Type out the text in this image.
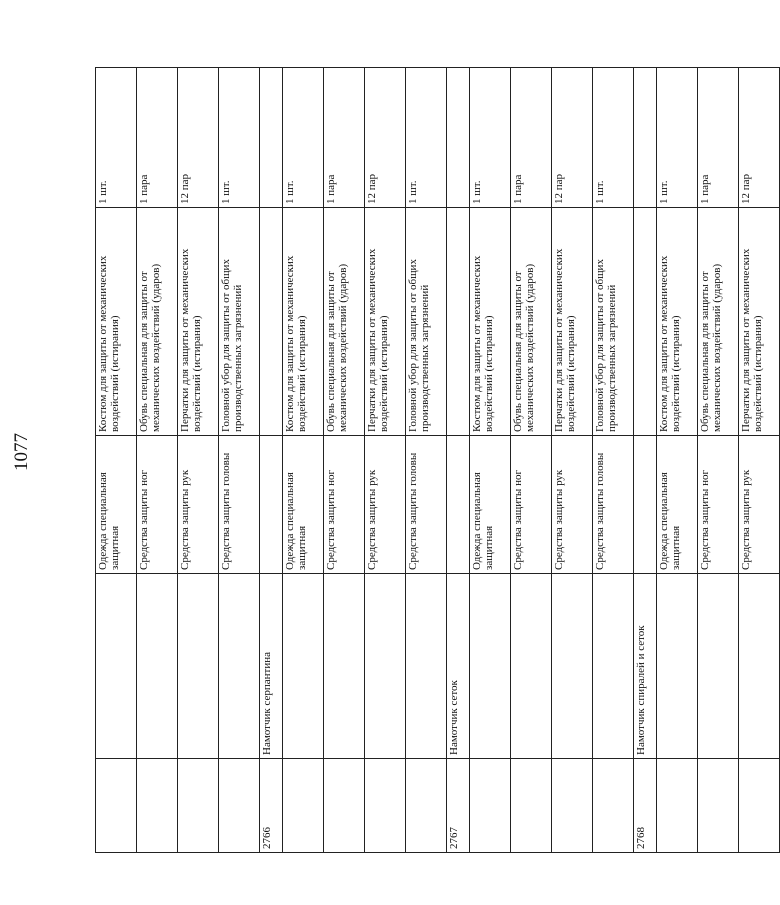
1077
		Одежда специальная защитная	Костюм для защиты от механических воздействий (истирания)	1 шт.
		Средства защиты ног	Обувь специальная для защиты от механических воздействий (ударов)	1 пара
		Средства защиты рук	Перчатки для защиты от механических воздействий (истирания)	12 пар
		Средства защиты головы	Головной убор для защиты от общих производственных загрязнений	1 шт.
2766	Намотчик серпантина			
		Одежда специальная защитная	Костюм для защиты от механических воздействий (истирания)	1 шт.
		Средства защиты ног	Обувь специальная для защиты от механических воздействий (ударов)	1 пара
		Средства защиты рук	Перчатки для защиты от механических воздействий (истирания)	12 пар
		Средства защиты головы	Головной убор для защиты от общих производственных загрязнений	1 шт.
2767	Намотчик сеток			
		Одежда специальная защитная	Костюм для защиты от механических воздействий (истирания)	1 шт.
		Средства защиты ног	Обувь специальная для защиты от механических воздействий (ударов)	1 пара
		Средства защиты рук	Перчатки для защиты от механических воздействий (истирания)	12 пар
		Средства защиты головы	Головной убор для защиты от общих производственных загрязнений	1 шт.
2768	Намотчик спиралей и сеток			
		Одежда специальная защитная	Костюм для защиты от механических воздействий (истирания)	1 шт.
		Средства защиты ног	Обувь специальная для защиты от механических воздействий (ударов)	1 пара
		Средства защиты рук	Перчатки для защиты от механических воздействий (истирания)	12 пар
